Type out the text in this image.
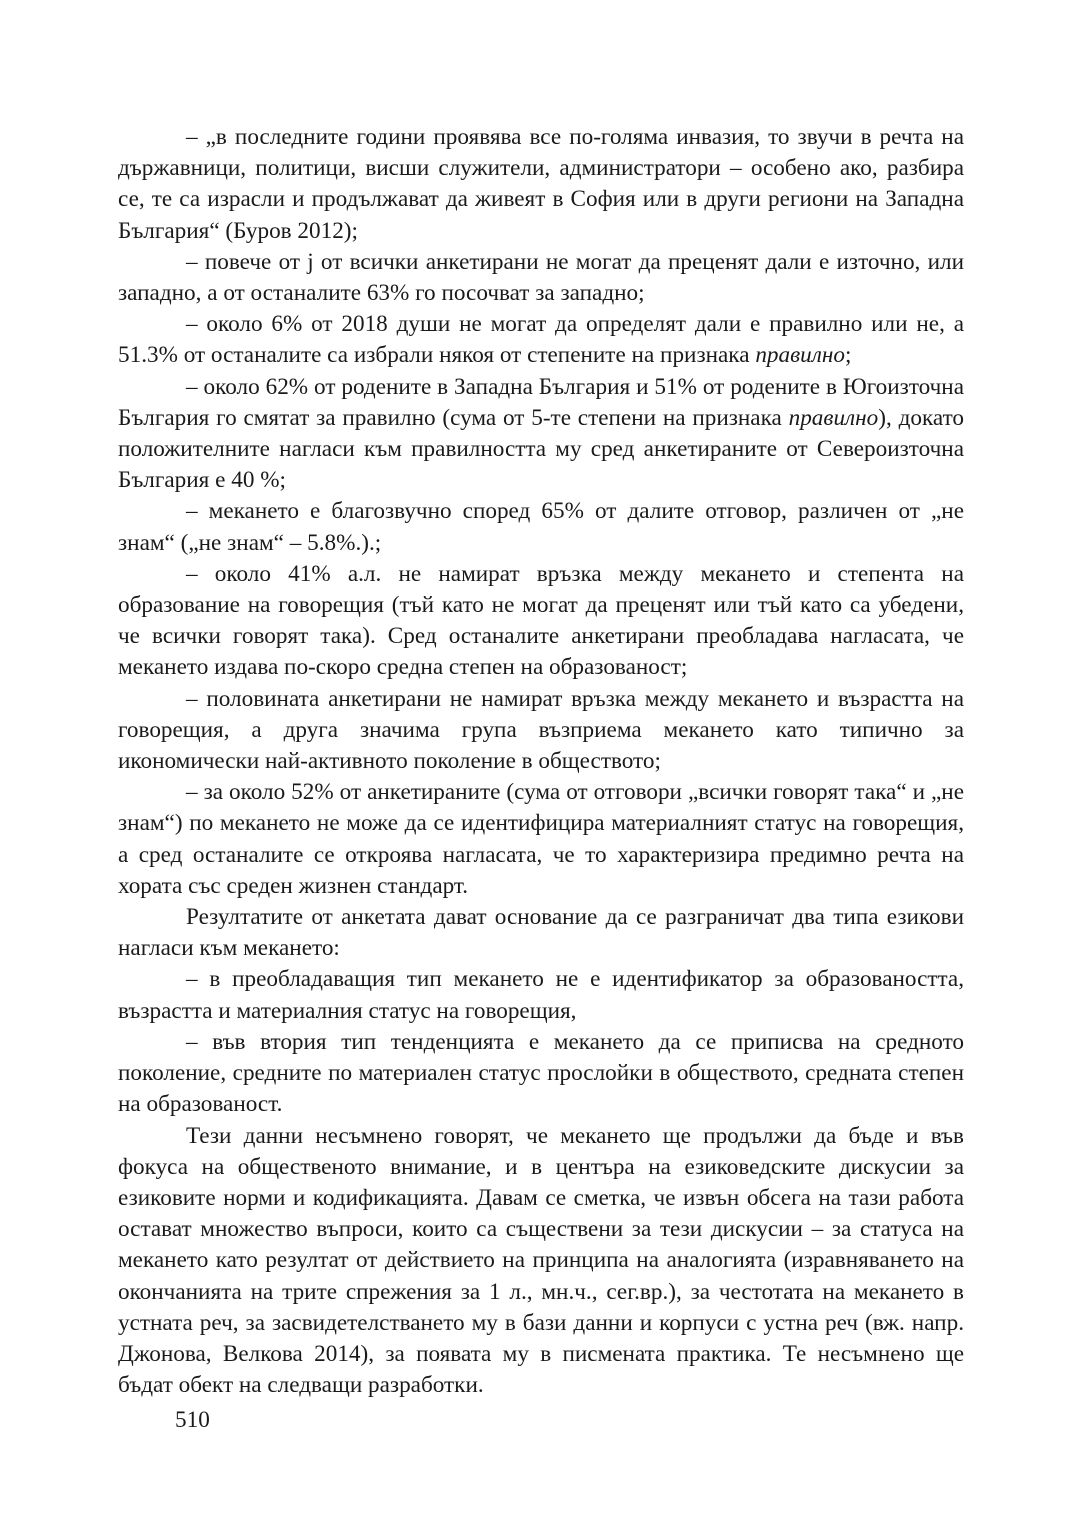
– „в последните години проявява все по-голяма инвазия, то звучи в речта на държавници, политици, висши служители, администратори – особено ако, разбира се, те са израсли и продължават да живеят в София или в други региони на Западна България“ (Буров 2012);

– повече от j от всички анкетирани не могат да преценят дали е източно, или западно, а от останалите 63% го посочват за западно;

– около 6% от 2018 души не могат да определят дали е правилно или не, а 51.3% от останалите са избрали някоя от степените на признака правилно;

– около 62% от родените в Западна България и 51% от родените в Югоизточна България го смятат за правилно (сума от 5-те степени на признака правилно), докато положителните нагласи към правилността му сред анкетираните от Североизточна България е 40 %;

– мекането е благозвучно според 65% от далите отговор, различен от „не знам“ („не знам“ – 5.8%.).;

– около 41% а.л. не намират връзка между мекането и степента на образование на говорещия (тъй като не могат да преценят или тъй като са убедени, че всички говорят така). Сред останалите анкетирани преобладава нагласата, че мекането издава по-скоро средна степен на образованост;

– половината анкетирани не намират връзка между мекането и възрастта на говорещия, а друга значима група възприема мекането като типично за икономически най-активното поколение в обществото;

– за около 52% от анкетираните (сума от отговори „всички говорят така“ и „не знам“) по мекането не може да се идентифицира материалният статус на говорещия, а сред останалите се откроява нагласата, че то характеризира предимно речта на хората със среден жизнен стандарт.

Резултатите от анкетата дават основание да се разграничат два типа езикови нагласи към мекането:

– в преобладаващия тип мекането не е идентификатор за образоваността, възрастта и материалния статус на говорещия,

– във втория тип тенденцията е мекането да се приписва на средното поколение, средните по материален статус прослойки в обществото, средната степен на образованост.

Тези данни несъмнено говорят, че мекането ще продължи да бъде и във фокуса на общественото внимание, и в центъра на езиковедските дискусии за езиковите норми и кодификацията. Давам се сметка, че извън обсега на тази работа остават множество въпроси, които са съществени за тези дискусии – за статуса на мекането като резултат от действието на принципа на аналогията (изравняването на окончанията на трите спрежения за 1 л., мн.ч., сег.вр.), за честотата на мекането в устната реч, за засвидетелстването му в бази данни и корпуси с устна реч (вж. напр. Джонова, Велкова 2014), за появата му в писмената практика. Те несъмнено ще бъдат обект на следващи разработки.

510
